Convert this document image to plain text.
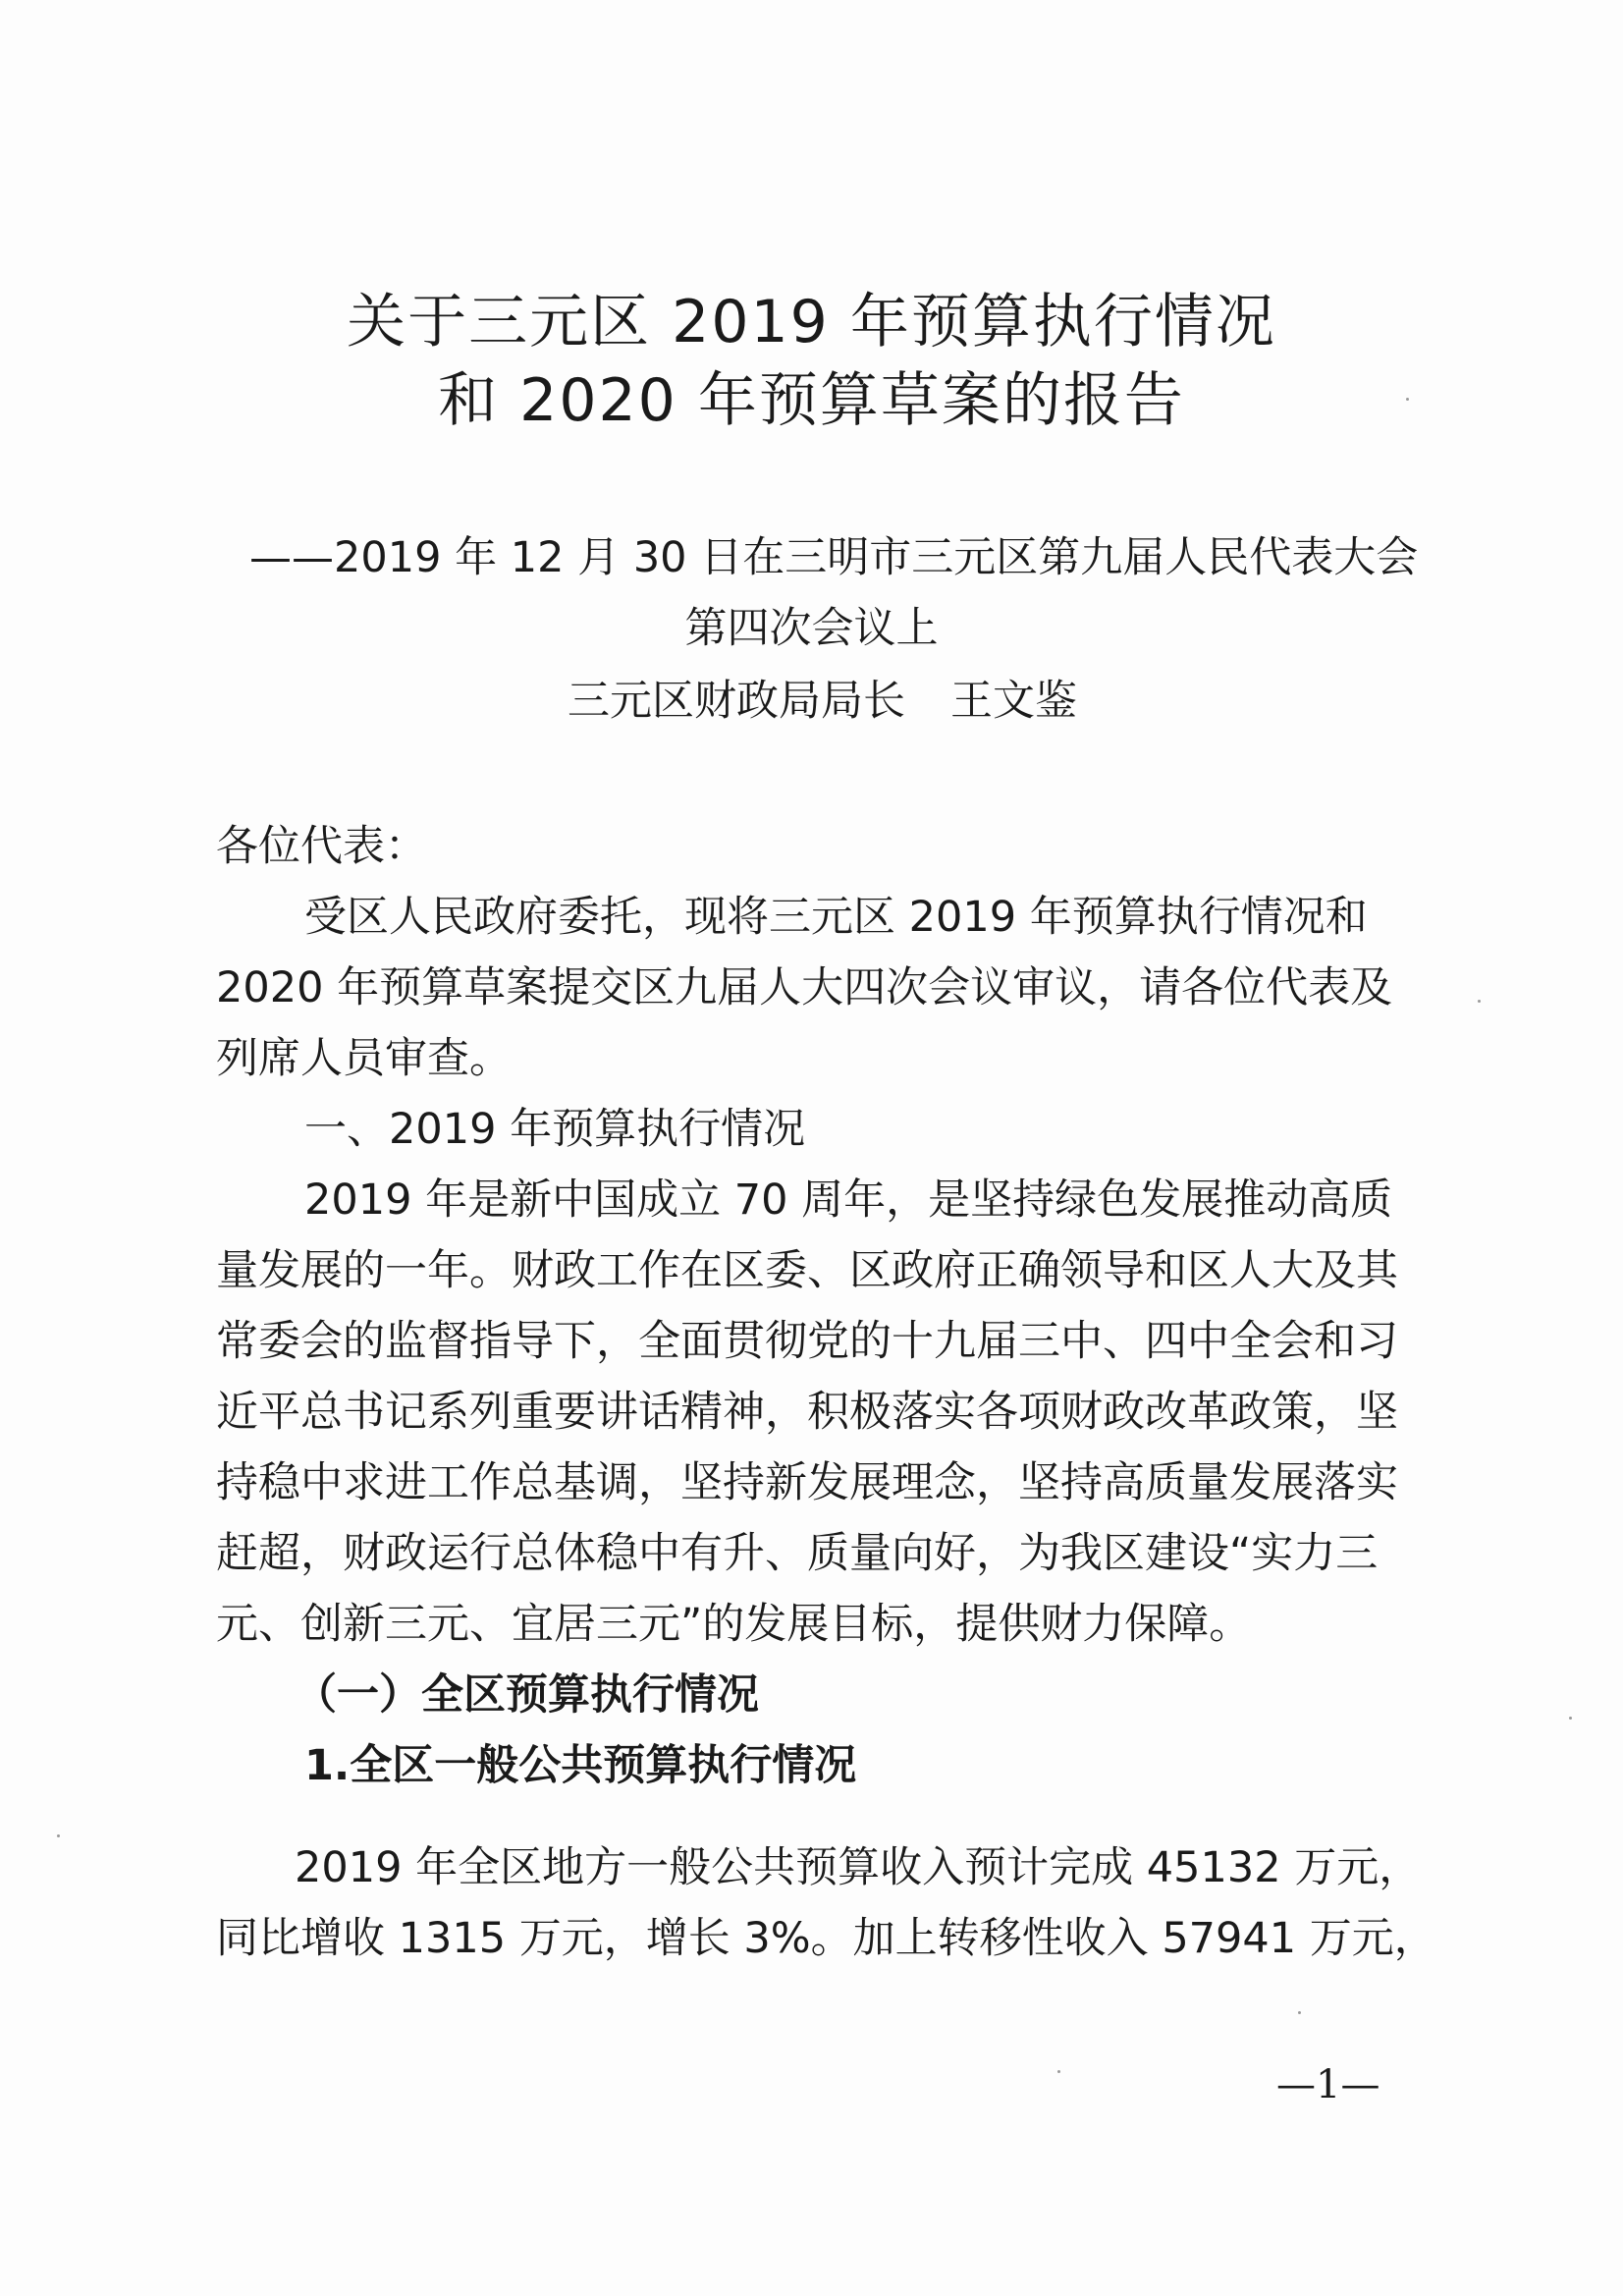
关于三元区 2019 年预算执行情况
和 2020 年预算草案的报告
——2019 年 12 月 30 日在三明市三元区第九届人民代表大会
第四次会议上
三元区财政局局长 王文鉴
各位代表：
受区人民政府委托，现将三元区 2019 年预算执行情况和
2020 年预算草案提交区九届人大四次会议审议，请各位代表及
列席人员审查。
一、2019 年预算执行情况
2019 年是新中国成立 70 周年，是坚持绿色发展推动高质
量发展的一年。财政工作在区委、区政府正确领导和区人大及其
常委会的监督指导下，全面贯彻党的十九届三中、四中全会和习
近平总书记系列重要讲话精神，积极落实各项财政改革政策，坚
持稳中求进工作总基调，坚持新发展理念，坚持高质量发展落实
赶超，财政运行总体稳中有升、质量向好，为我区建设“实力三
元、创新三元、宜居三元”的发展目标，提供财力保障。
（一）全区预算执行情况
1.全区一般公共预算执行情况
2019 年全区地方一般公共预算收入预计完成 45132 万元，
同比增收 1315 万元，增长 3%。加上转移性收入 57941 万元，
—1—
